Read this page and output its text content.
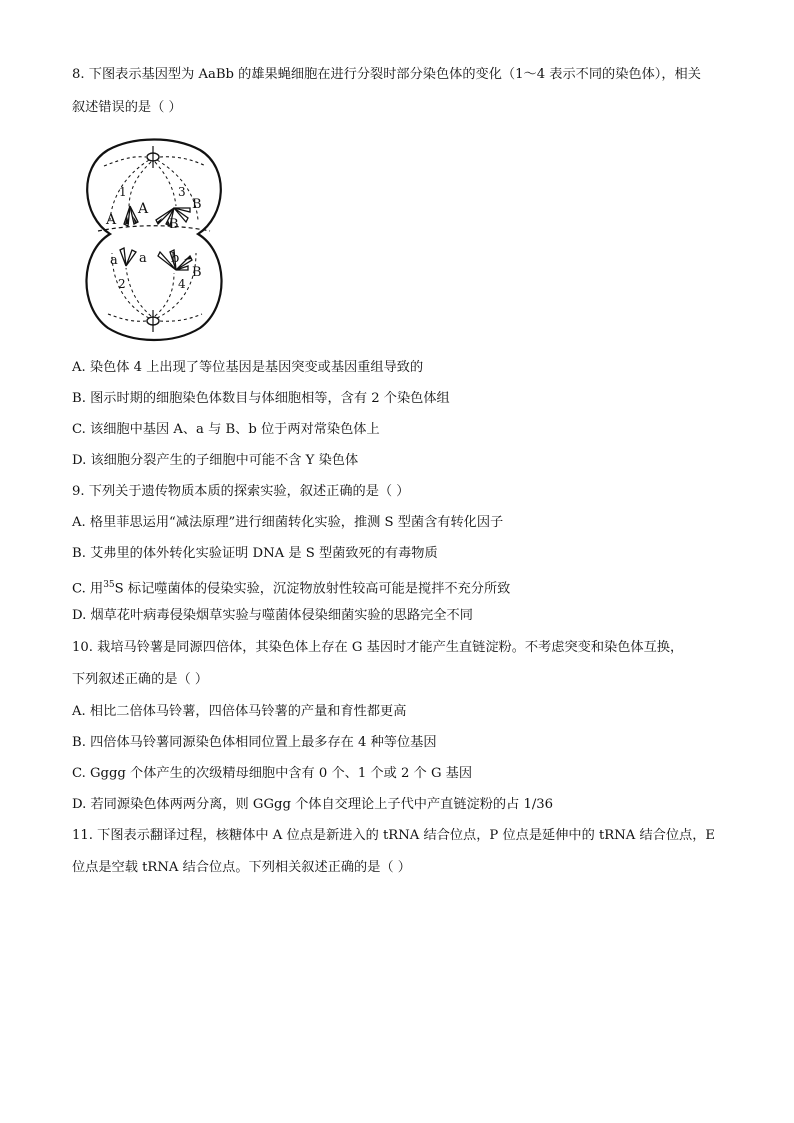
8. 下图表示基因型为 AaBb 的雄果蝇细胞在进行分裂时部分染色体的变化（1～4 表示不同的染色体），相关
叙述错误的是（ ）
1	3
2	4
A
A
B
B
a a b
B
A. 染色体 4 上出现了等位基因是基因突变或基因重组导致的
B. 图示时期的细胞染色体数目与体细胞相等，含有 2 个染色体组
C. 该细胞中基因 A、a 与 B、b 位于两对常染色体上
D. 该细胞分裂产生的子细胞中可能不含 Y 染色体
9. 下列关于遗传物质本质的探索实验，叙述正确的是（ ）
A. 格里菲思运用“减法原理”进行细菌转化实验，推测 S 型菌含有转化因子
B. 艾弗里的体外转化实验证明 DNA 是 S 型菌致死的有毒物质
C. 用$^{35}$S 标记噬菌体的侵染实验，沉淀物放射性较高可能是搅拌不充分所致
D. 烟草花叶病毒侵染烟草实验与噬菌体侵染细菌实验的思路完全不同
10. 栽培马铃薯是同源四倍体，其染色体上存在 G 基因时才能产生直链淀粉。不考虑突变和染色体互换，
下列叙述正确的是（ ）
A. 相比二倍体马铃薯，四倍体马铃薯的产量和育性都更高
B. 四倍体马铃薯同源染色体相同位置上最多存在 4 种等位基因
C. Gggg 个体产生的次级精母细胞中含有 0 个、1 个或 2 个 G 基因
D. 若同源染色体两两分离，则 GGgg 个体自交理论上子代中产直链淀粉的占 1/36
11. 下图表示翻译过程，核糖体中 A 位点是新进入的 tRNA 结合位点，P 位点是延伸中的 tRNA 结合位点，E
位点是空载 tRNA 结合位点。下列相关叙述正确的是（ ）
